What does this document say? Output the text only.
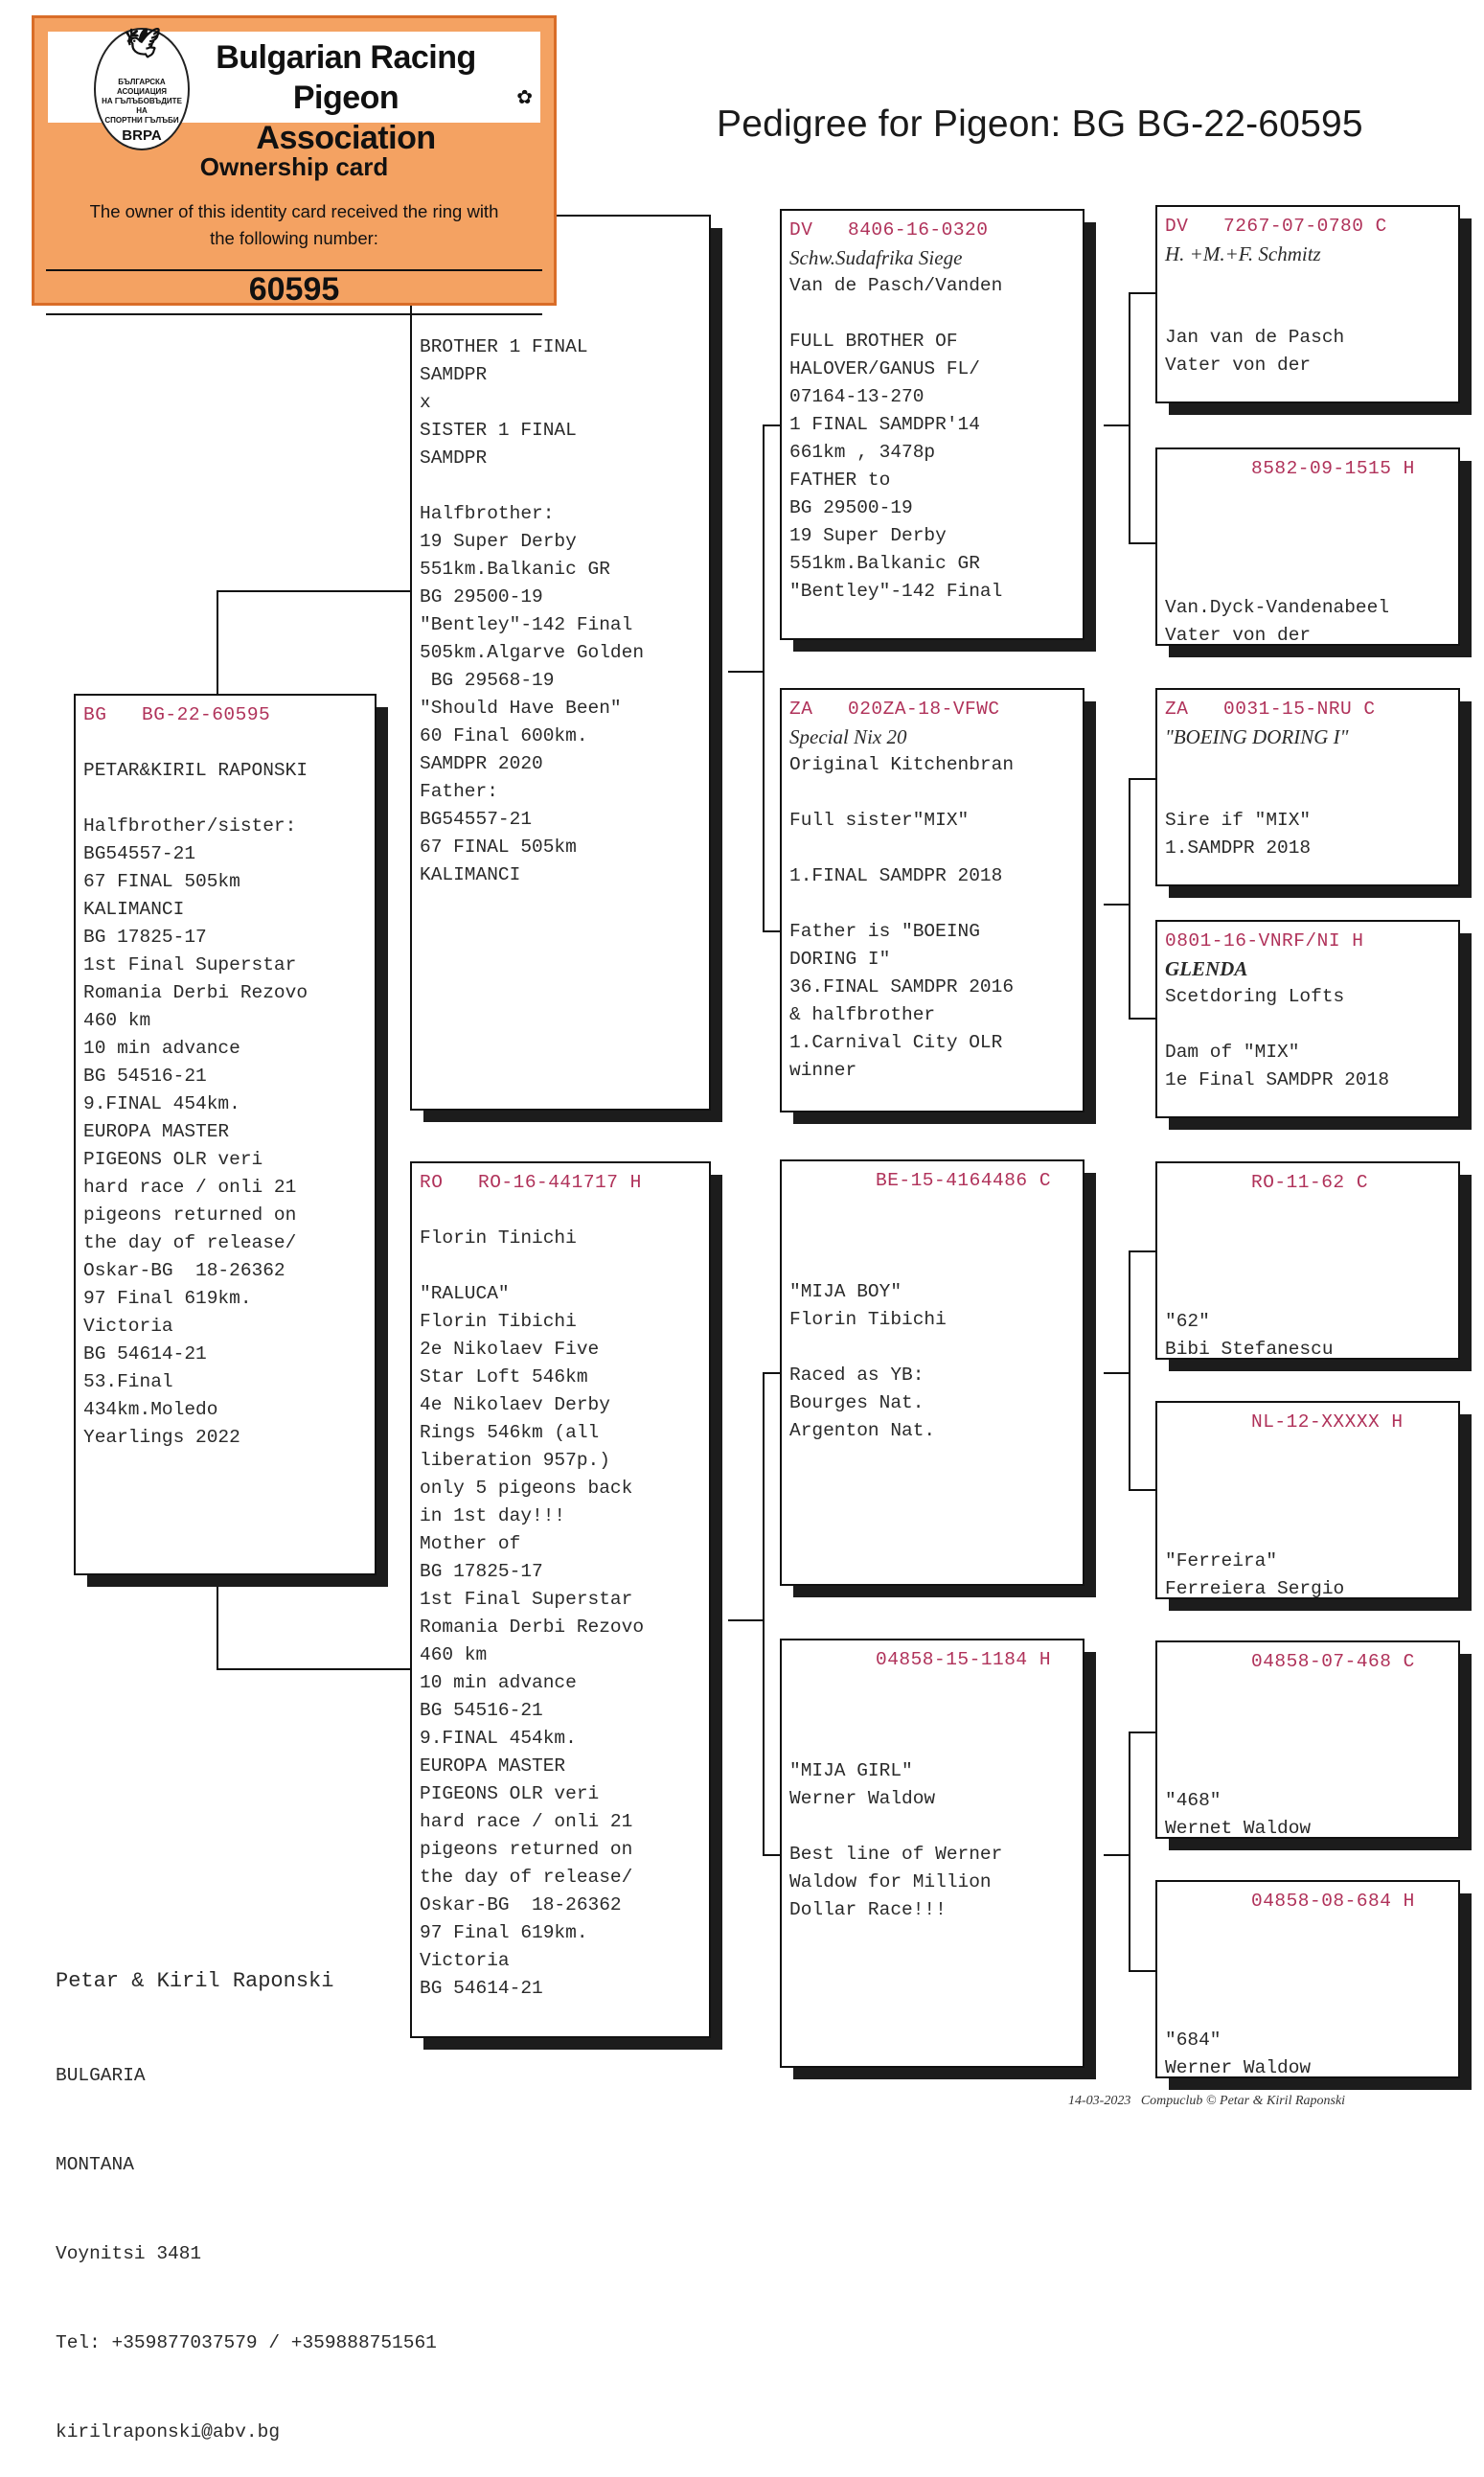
Pedigree for Pigeon: BG BG-22-60595
BG   BG-22-60595
PETAR&KIRIL RAPONSKI
Halfbrother/sister:
BG54557-21
67 FINAL 505km
KALIMANCI
BG 17825-17
1st Final Superstar
Romania Derbi Rezovo
460 km
10 min advance
BG 54516-21
9.FINAL 454km.
EUROPA MASTER
PIGEONS OLR veri
hard race / onli 21
pigeons returned on
the day of release/
Oskar-BG  18-26362
97 Final 619km.
Victoria
BG 54614-21
53.Final
434km.Moledo
Yearlings 2022
BROTHER 1 FINAL
SAMDPR
x
SISTER 1 FINAL
SAMDPR
Halfbrother:
19 Super Derby
551km.Balkanic GR
BG 29500-19
"Bentley"-142 Final
505km.Algarve Golden
BG 29568-19
"Should Have Been"
60 Final 600km.
SAMDPR 2020
Father:
BG54557-21
67 FINAL 505km
KALIMANCI
RO   RO-16-441717 H
Florin Tinichi
"RALUCA"
Florin Tibichi
2e Nikolaev Five
Star Loft 546km
4e Nikolaev Derby
Rings 546km (all
liberation 957p.)
only 5 pigeons back
in 1st day!!!
Mother of
BG 17825-17
1st Final Superstar
Romania Derbi Rezovo
460 km
10 min advance
BG 54516-21
9.FINAL 454km.
EUROPA MASTER
PIGEONS OLR veri
hard race / onli 21
pigeons returned on
the day of release/
Oskar-BG  18-26362
97 Final 619km.
Victoria
BG 54614-21
DV   8406-16-0320
Schw.Sudafrika Siege
Van de Pasch/Vanden
FULL BROTHER OF
HALOVER/GANUS FL/
07164-13-270
1 FINAL SAMDPR'14
661km , 3478p
FATHER to
BG 29500-19
19 Super Derby
551km.Balkanic GR
"Bentley"-142 Final
ZA   020ZA-18-VFWC
Special Nix 20
Original Kitchenbran
Full sister"MIX"
1.FINAL SAMDPR 2018
Father is "BOEING
DORING I"
36.FINAL SAMDPR 2016
& halfbrother
1.Carnival City OLR
winner
BE-15-4164486 C
"MIJA BOY"
Florin Tibichi
Raced as YB:
Bourges Nat.
Argenton Nat.
04858-15-1184 H
"MIJA GIRL"
Werner Waldow
Best line of Werner
Waldow for Million
Dollar Race!!!
DV   7267-07-0780 C
H. +M.+F. Schmitz
Jan van de Pasch
Vater von der
8582-09-1515 H
Van.Dyck-Vandenabeel
Vater von der
ZA   0031-15-NRU C
"BOEING DORING I"
Sire if "MIX"
1.SAMDPR 2018
0801-16-VNRF/NI H
GLENDA
Scetdoring Lofts
Dam of "MIX"
1e Final SAMDPR 2018
RO-11-62 C
"62"
Bibi Stefanescu
NL-12-XXXXX H
"Ferreira"
Ferreiera Sergio
04858-07-468 C
"468"
Wernet Waldow
04858-08-684 H
"684"
Werner Waldow
🕊
БЪЛГАРСКА АСОЦИАЦИЯ
НА ГЪЛЪБОВЪДИТЕ НА
СПОРТНИ ГЪЛЪБИ
BRPA
Bulgarian Racing Pigeon
Association
✿
Ownership card
The owner of this identity card received the ring with
the following number:
60595

Petar & Kiril Raponski

BULGARIA

MONTANA

Voynitsi 3481

Tel: +359877037579 / +359888751561

kirilraponski@abv.bg

14-03-2023 Compuclub © Petar & Kiril Raponski
